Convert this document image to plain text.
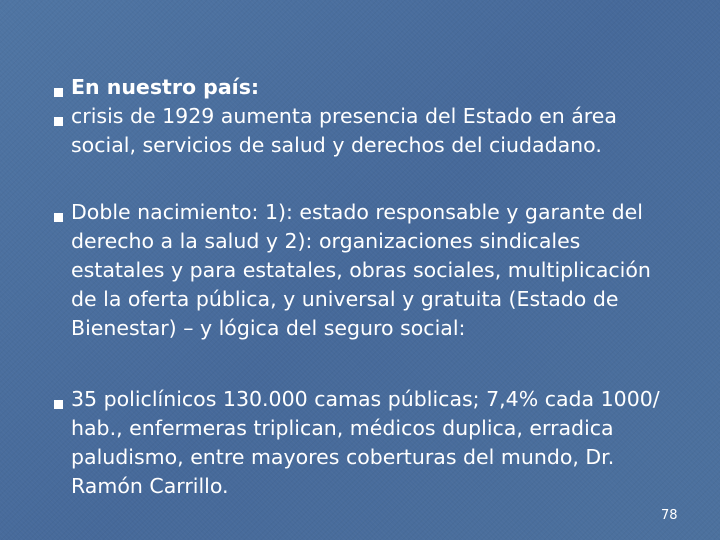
En nuestro país:
crisis de 1929 aumenta presencia del Estado en área
social, servicios de salud y derechos del ciudadano.
Doble nacimiento: 1): estado responsable y garante del
derecho a la salud y 2): organizaciones sindicales
estatales y para estatales, obras sociales, multiplicación
de la oferta pública, y universal y gratuita (Estado de
Bienestar) – y lógica del seguro social:
35 policlínicos 130.000 camas públicas; 7,4% cada 1000/
hab., enfermeras triplican, médicos duplica, erradica
paludismo, entre mayores coberturas del mundo, Dr.
Ramón Carrillo.
78
